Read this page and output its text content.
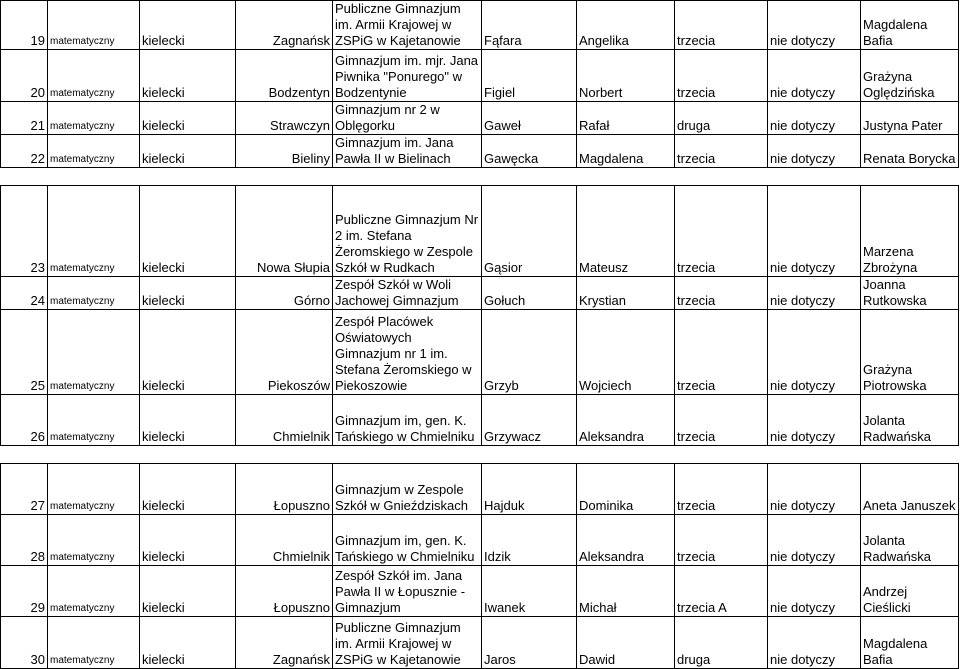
19	matematyczny	kielecki	Zagnańsk	Publiczne Gimnazjum im. Armii Krajowej w ZSPiG w Kajetanowie	Fąfara	Angelika	trzecia	nie dotyczy	Magdalena Bafia
20	matematyczny	kielecki	Bodzentyn	Gimnazjum im. mjr. Jana Piwnika "Ponurego" w Bodzentynie	Figiel	Norbert	trzecia	nie dotyczy	Grażyna Oględzińska
21	matematyczny	kielecki	Strawczyn	Gimnazjum nr 2 w Oblęgorku	Gaweł	Rafał	druga	nie dotyczy	Justyna Pater
22	matematyczny	kielecki	Bieliny	Gimnazjum im. Jana Pawła II w Bielinach	Gawęcka	Magdalena	trzecia	nie dotyczy	Renata Borycka

23	matematyczny	kielecki	Nowa Słupia	Publiczne Gimnazjum Nr 2 im. Stefana Żeromskiego w Zespole Szkół w Rudkach	Gąsior	Mateusz	trzecia	nie dotyczy	Marzena Zbrożyna
24	matematyczny	kielecki	Górno	Zespół Szkół w Woli Jachowej Gimnazjum	Gołuch	Krystian	trzecia	nie dotyczy	Joanna Rutkowska
25	matematyczny	kielecki	Piekoszów	Zespół Placówek Oświatowych Gimnazjum nr 1 im. Stefana Żeromskiego w Piekoszowie	Grzyb	Wojciech	trzecia	nie dotyczy	Grażyna Piotrowska
26	matematyczny	kielecki	Chmielnik	Gimnazjum im, gen. K. Tańskiego w Chmielniku	Grzywacz	Aleksandra	trzecia	nie dotyczy	Jolanta Radwańska

27	matematyczny	kielecki	Łopuszno	Gimnazjum w Zespole Szkół w Gnieździskach	Hajduk	Dominika	trzecia	nie dotyczy	Aneta Januszek
28	matematyczny	kielecki	Chmielnik	Gimnazjum im, gen. K. Tańskiego w Chmielniku	Idzik	Aleksandra	trzecia	nie dotyczy	Jolanta Radwańska
29	matematyczny	kielecki	Łopuszno	Zespół Szkół im. Jana Pawła II w Łopusznie - Gimnazjum	Iwanek	Michał	trzecia A	nie dotyczy	Andrzej Cieślicki
30	matematyczny	kielecki	Zagnańsk	Publiczne Gimnazjum im. Armii Krajowej w ZSPiG w Kajetanowie	Jaros	Dawid	druga	nie dotyczy	Magdalena Bafia
